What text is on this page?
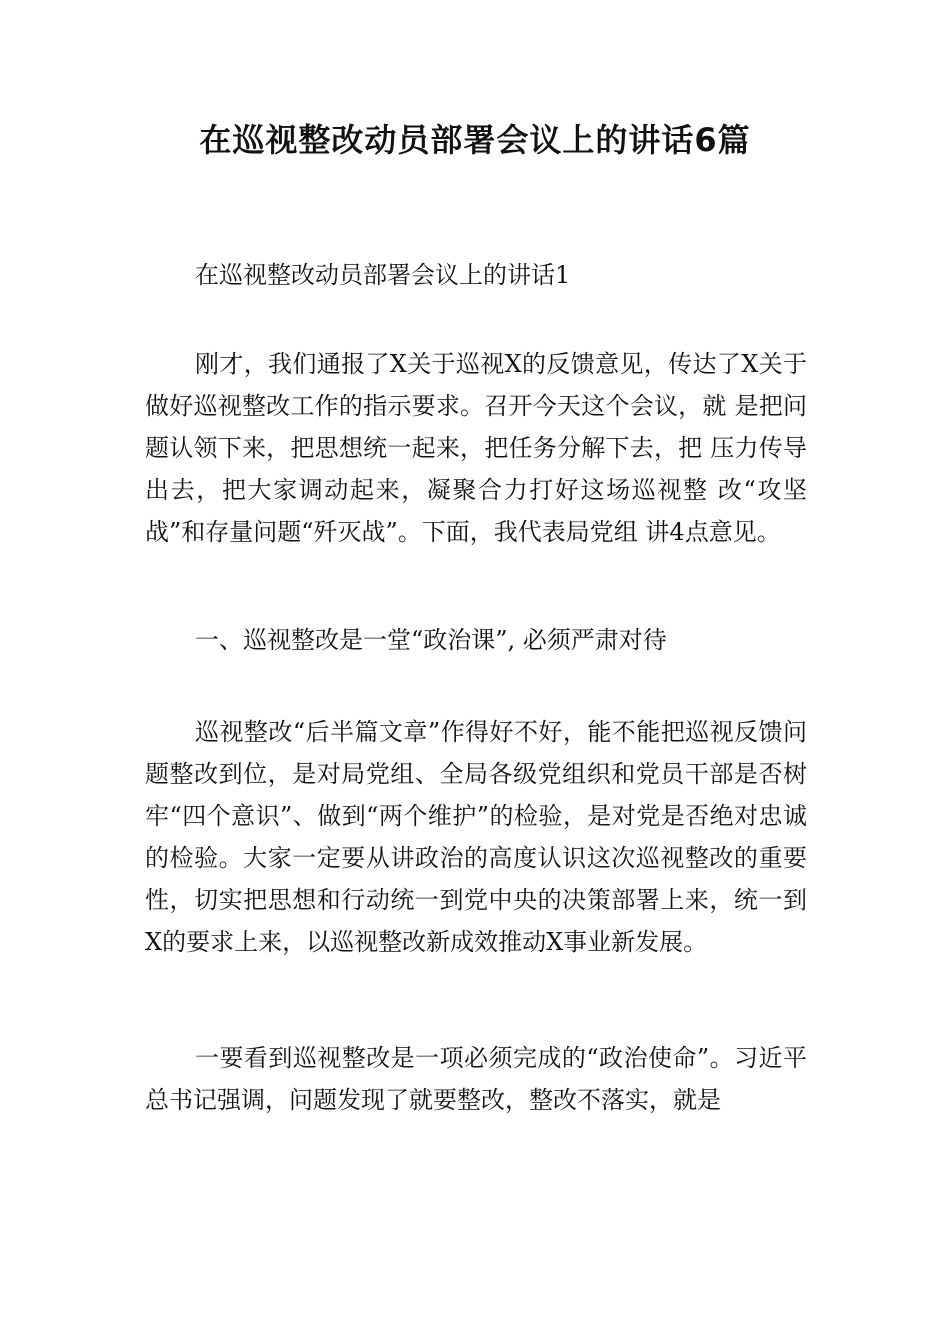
在巡视整改动员部署会议上的讲话6篇

在巡视整改动员部署会议上的讲话1

刚才，我们通报了X关于巡视X的反馈意见，传达了X关于做好巡视整改工作的指示要求。召开今天这个会议，就 是把问题认领下来，把思想统一起来，把任务分解下去，把 压力传导出去，把大家调动起来，凝聚合力打好这场巡视整 改“攻坚战”和存量问题“歼灭战”。下面，我代表局党组 讲4点意见。

一、巡视整改是一堂“政治课”, 必须严肃对待

巡视整改“后半篇文章”作得好不好，能不能把巡视反馈问题整改到位，是对局党组、全局各级党组织和党员干部是否树牢“四个意识”、做到“两个维护”的检验，是对党是否绝对忠诚的检验。大家一定要从讲政治的高度认识这次巡视整改的重要性，切实把思想和行动统一到党中央的决策部署上来，统一到X的要求上来，以巡视整改新成效推动X事业新发展。

一要看到巡视整改是一项必须完成的“政治使命”。习近平总书记强调，问题发现了就要整改，整改不落实，就是
